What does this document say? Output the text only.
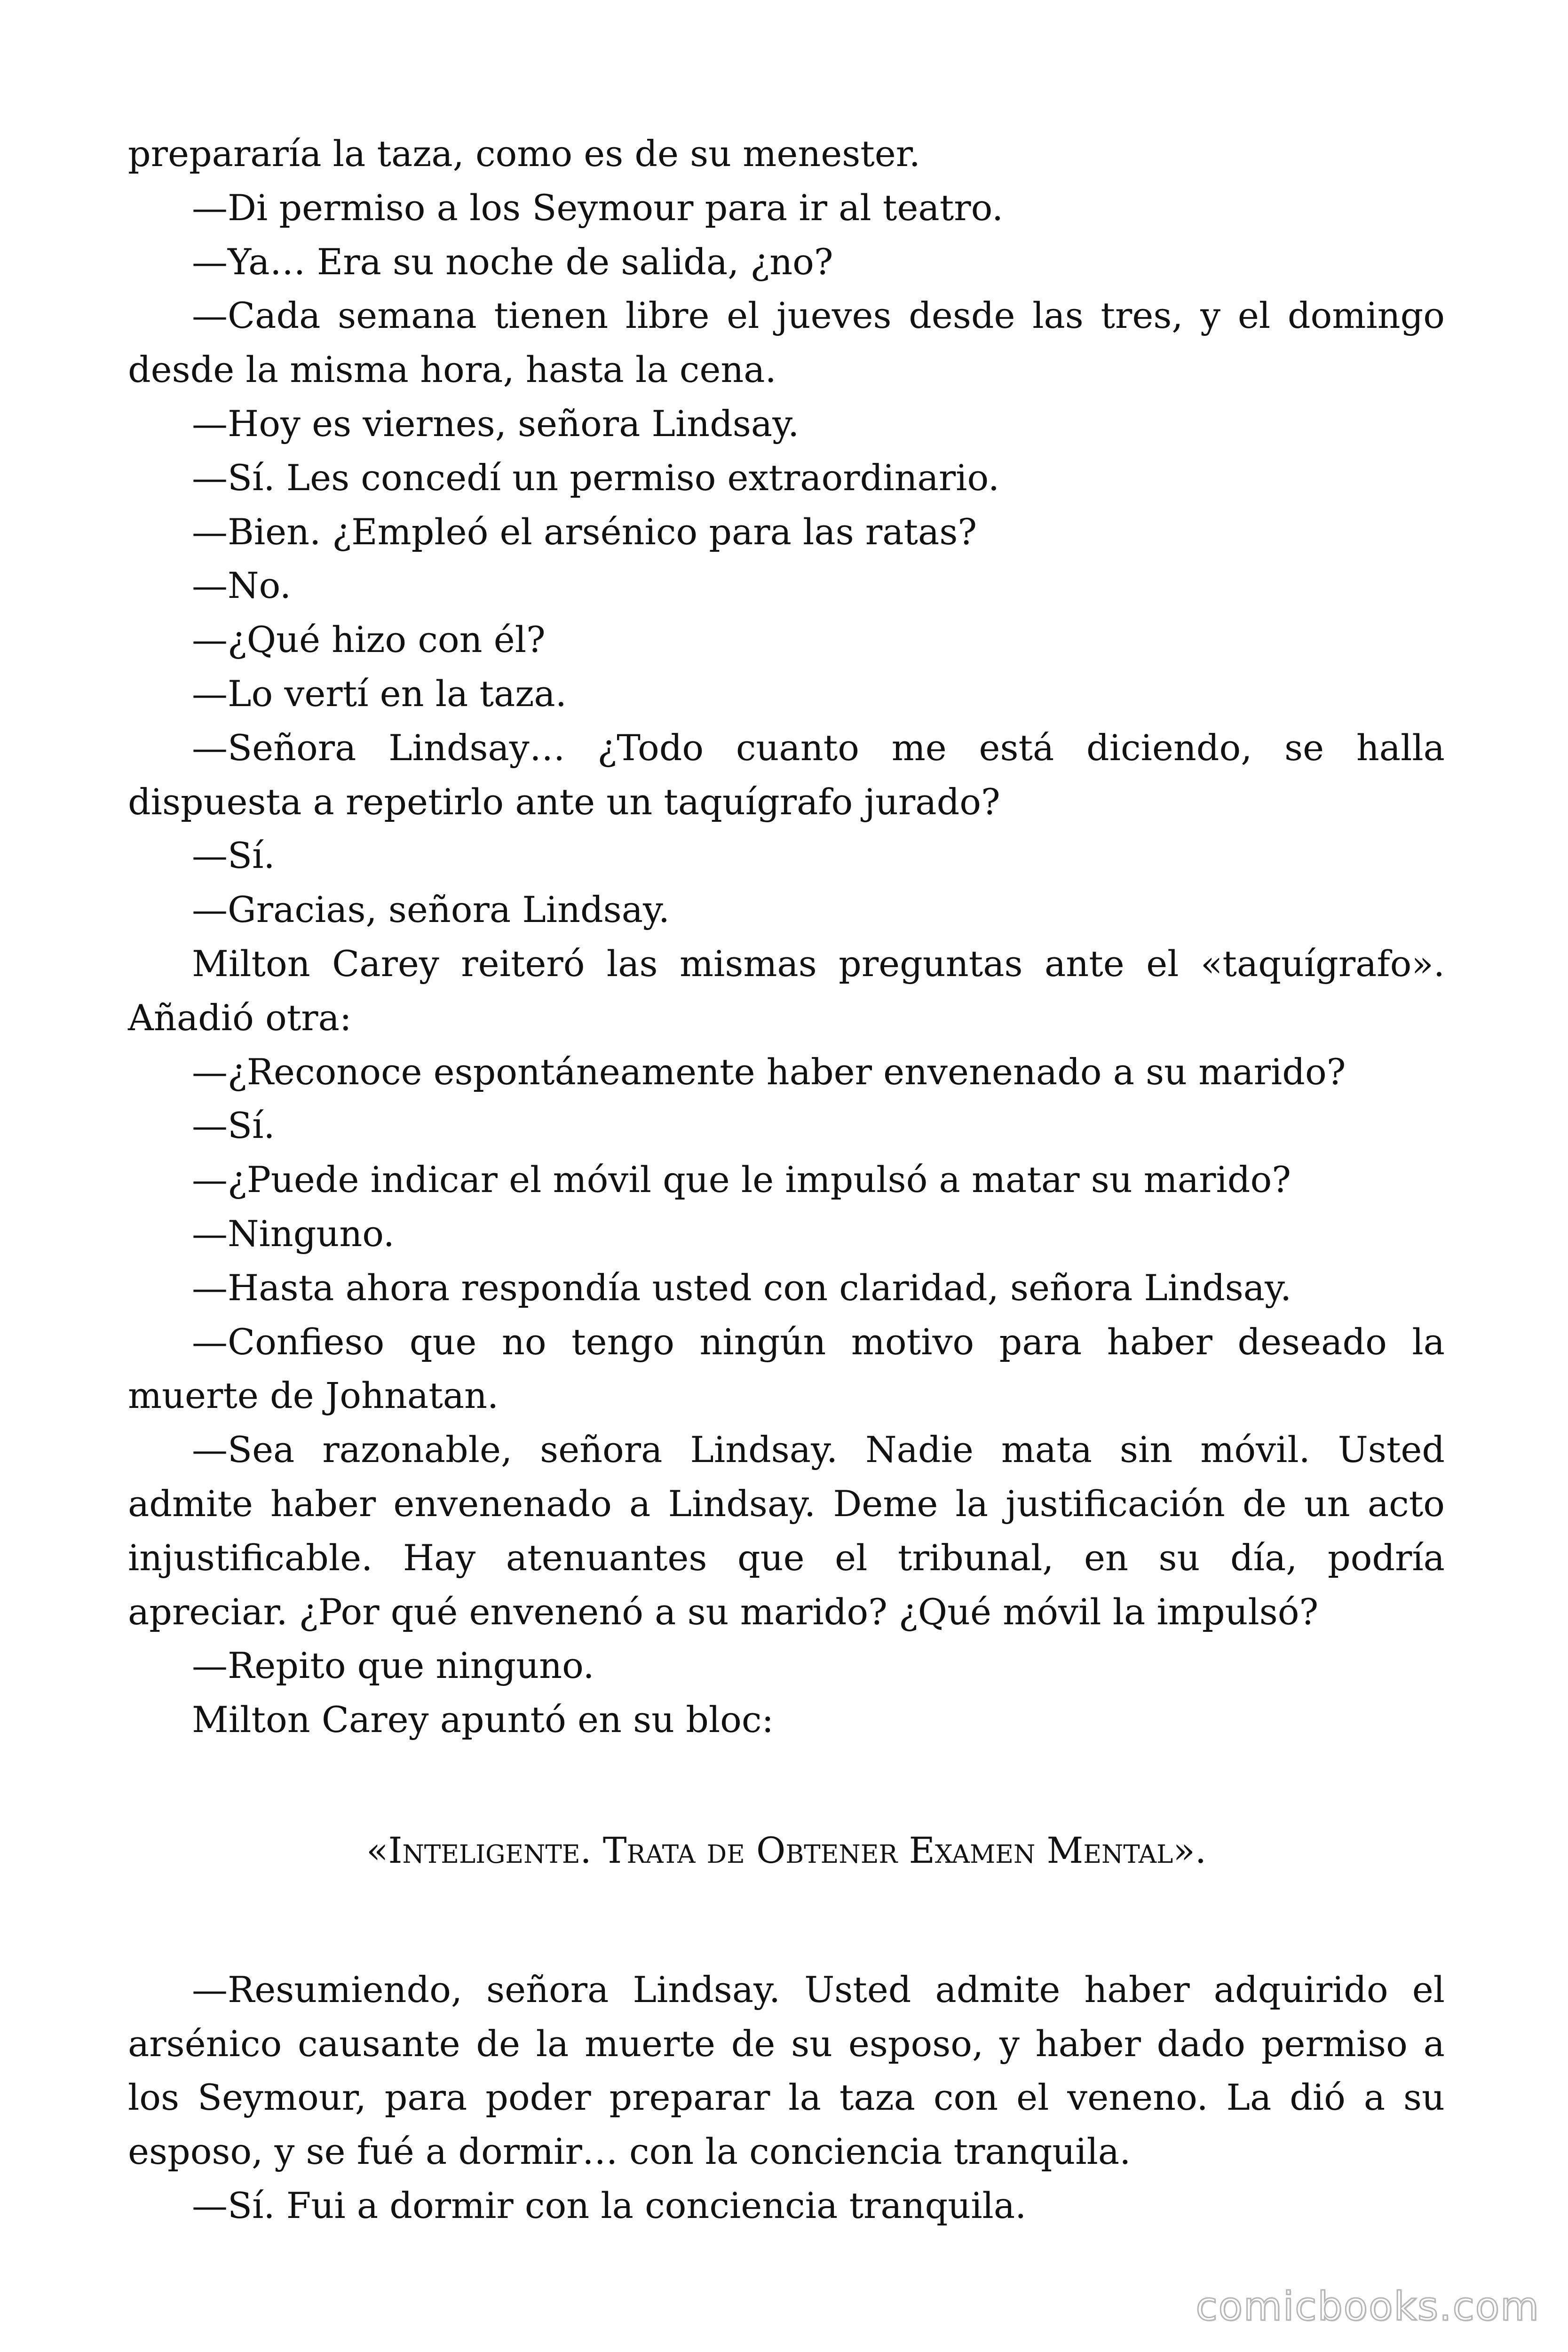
prepararía la taza, como es de su menester.

—Di permiso a los Seymour para ir al teatro.

—Ya… Era su noche de salida, ¿no?

—Cada semana tienen libre el jueves desde las tres, y el domingo desde la misma hora, hasta la cena.

—Hoy es viernes, señora Lindsay.

—Sí. Les concedí un permiso extraordinario.

—Bien. ¿Empleó el arsénico para las ratas?

—No.

—¿Qué hizo con él?

—Lo vertí en la taza.

—Señora Lindsay… ¿Todo cuanto me está diciendo, se halla dispuesta a repetirlo ante un taquígrafo jurado?

—Sí.

—Gracias, señora Lindsay.

Milton Carey reiteró las mismas preguntas ante el «taquígrafo». Añadió otra:

—¿Reconoce espontáneamente haber envenenado a su marido?

—Sí.

—¿Puede indicar el móvil que le impulsó a matar su marido?

—Ninguno.

—Hasta ahora respondía usted con claridad, señora Lindsay.

—Confieso que no tengo ningún motivo para haber deseado la muerte de Johnatan.

—Sea razonable, señora Lindsay. Nadie mata sin móvil. Usted admite haber envenenado a Lindsay. Deme la justificación de un acto injustificable. Hay atenuantes que el tribunal, en su día, podría apreciar. ¿Por qué envenenó a su marido? ¿Qué móvil la impulsó?

—Repito que ninguno.

Milton Carey apuntó en su bloc:

«Inteligente. Trata de Obtener Examen Mental».

—Resumiendo, señora Lindsay. Usted admite haber adquirido el arsénico causante de la muerte de su esposo, y haber dado permiso a los Seymour, para poder preparar la taza con el veneno. La dió a su esposo, y se fué a dormir… con la conciencia tranquila.

—Sí. Fui a dormir con la conciencia tranquila.

comicbooks.com
